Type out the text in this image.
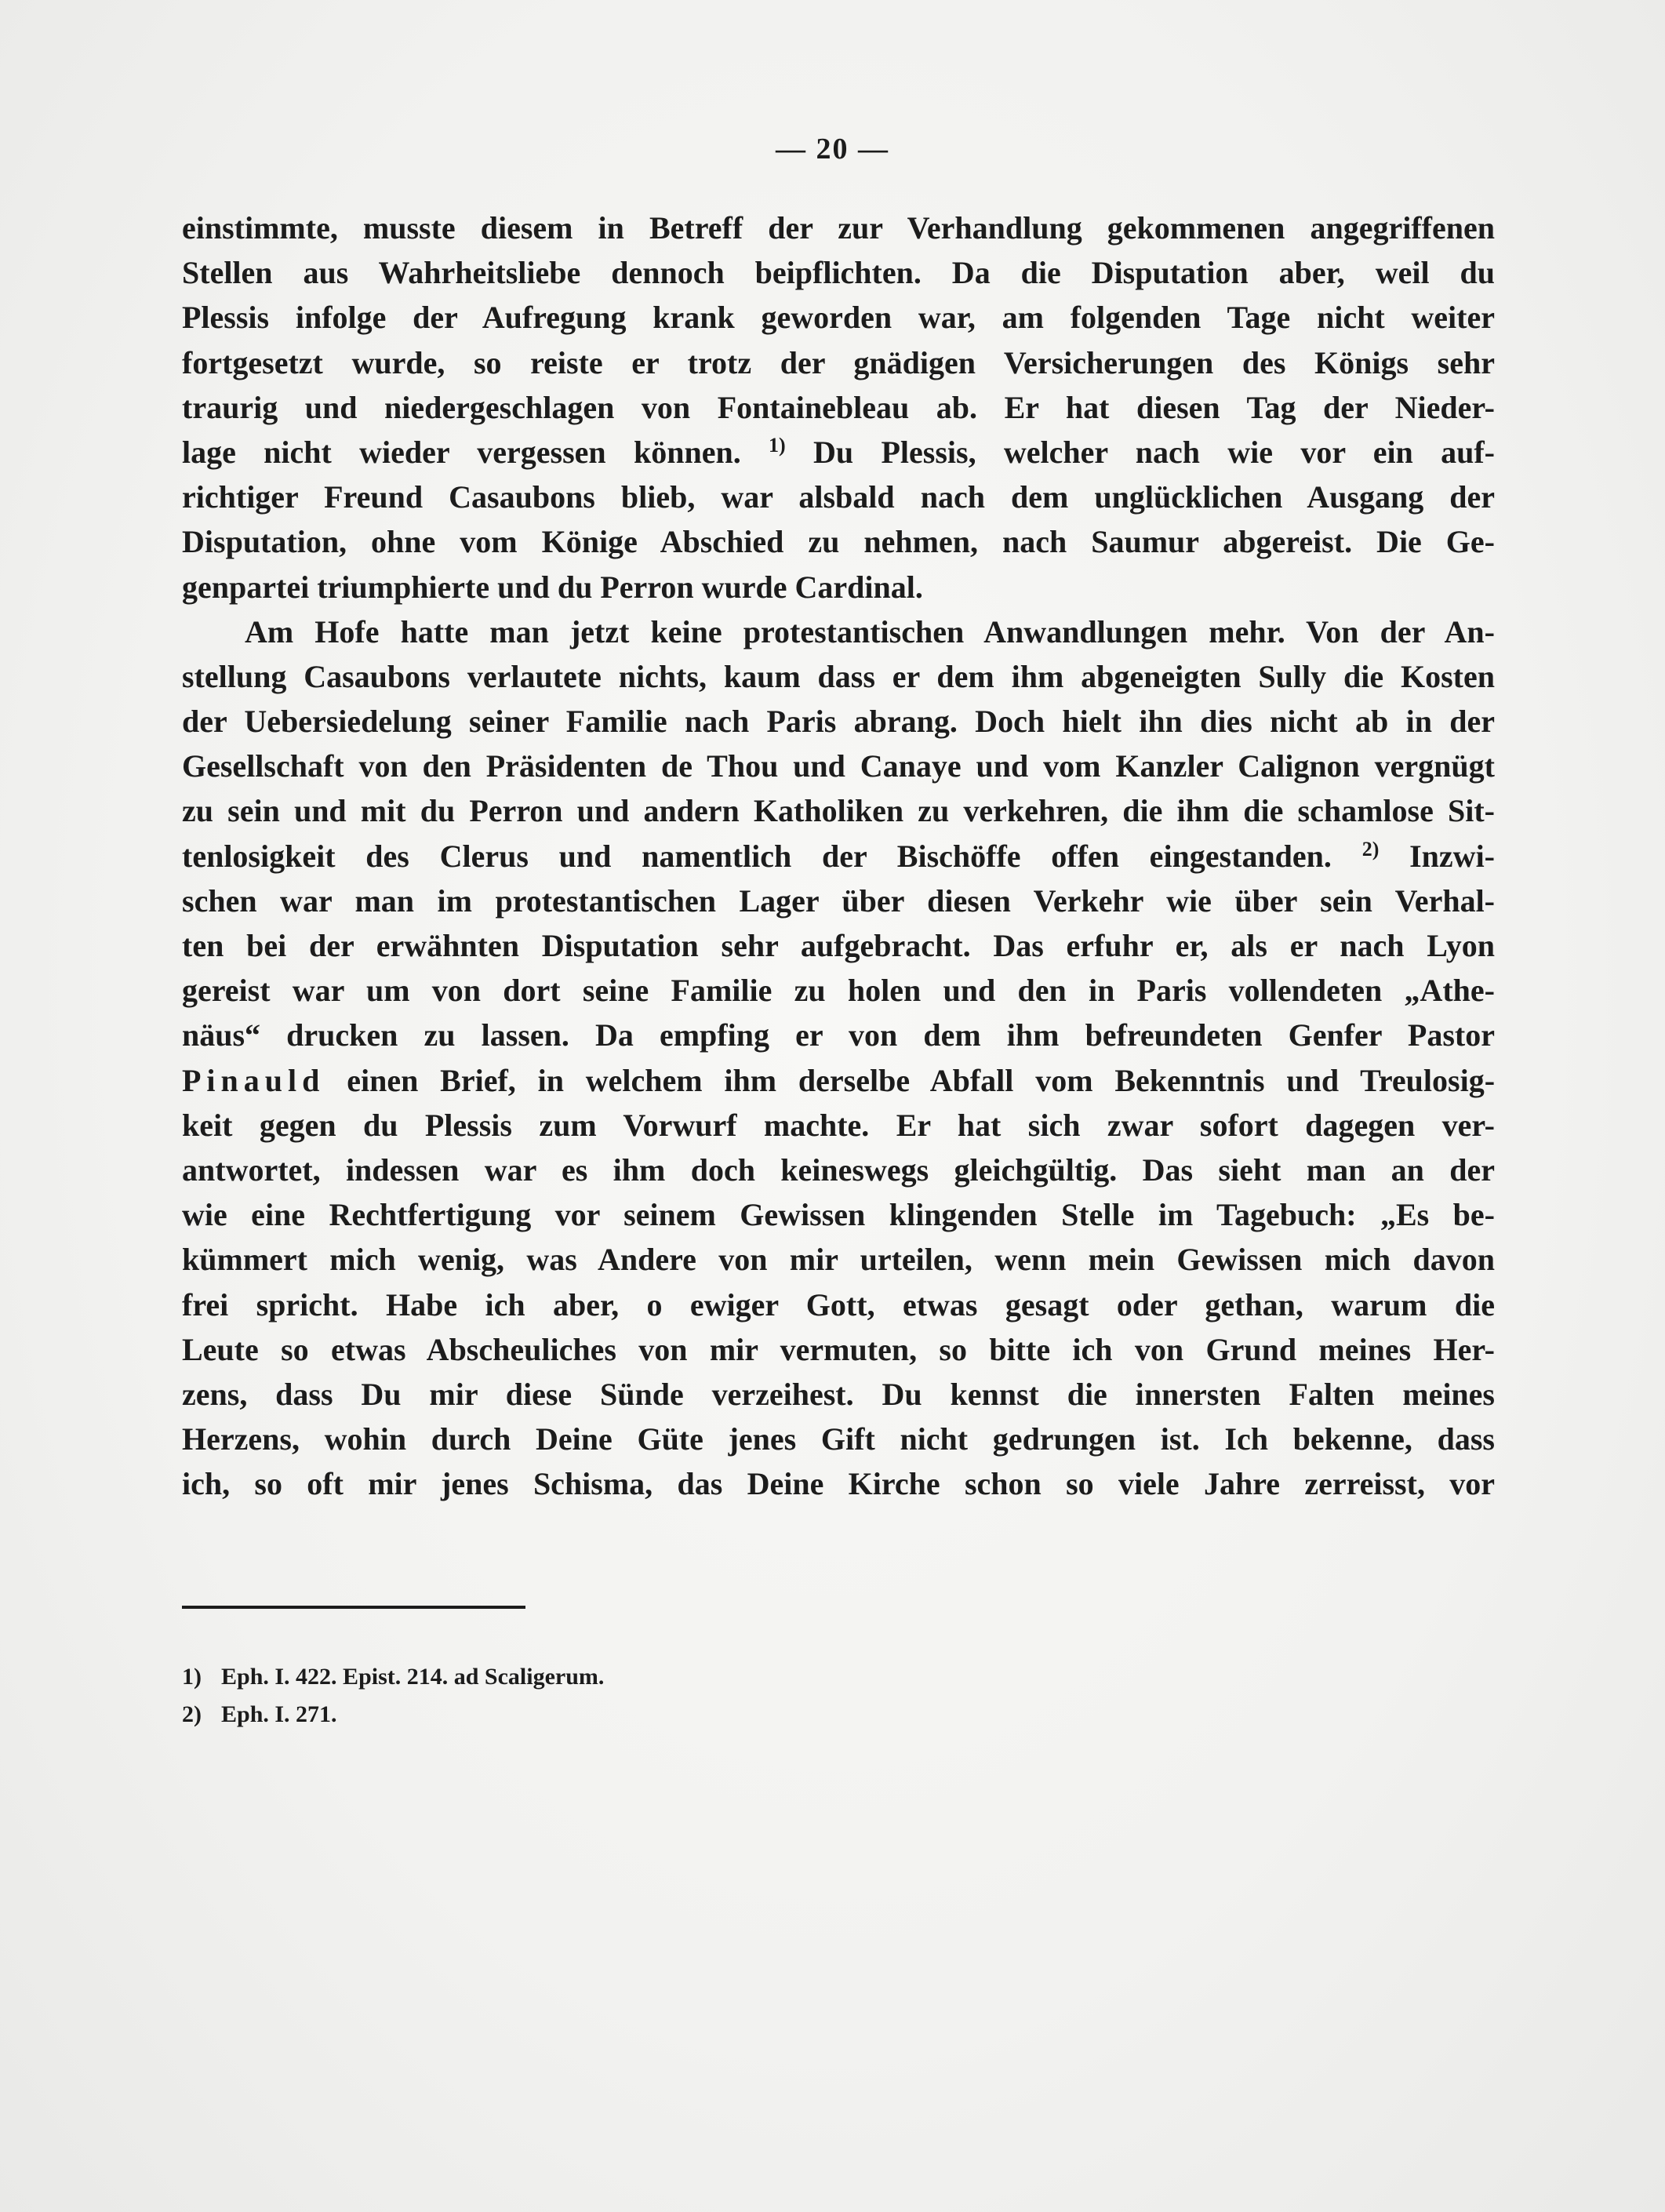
— 20 —
einstimmte, musste diesem in Betreff der zur Verhandlung gekommenen angegriffenen
Stellen aus Wahrheitsliebe dennoch beipflichten. Da die Disputation aber, weil du
Plessis infolge der Aufregung krank geworden war, am folgenden Tage nicht weiter
fortgesetzt wurde, so reiste er trotz der gnädigen Versicherungen des Königs sehr
traurig und niedergeschlagen von Fontainebleau ab. Er hat diesen Tag der Nieder-
lage nicht wieder vergessen können. $^{1)}$ Du Plessis, welcher nach wie vor ein auf-
richtiger Freund Casaubons blieb, war alsbald nach dem unglücklichen Ausgang der
Disputation, ohne vom Könige Abschied zu nehmen, nach Saumur abgereist. Die Ge-
genpartei triumphierte und du Perron wurde Cardinal.
Am Hofe hatte man jetzt keine protestantischen Anwandlungen mehr. Von der An-
stellung Casaubons verlautete nichts, kaum dass er dem ihm abgeneigten Sully die Kosten
der Uebersiedelung seiner Familie nach Paris abrang. Doch hielt ihn dies nicht ab in der
Gesellschaft von den Präsidenten de Thou und Canaye und vom Kanzler Calignon vergnügt
zu sein und mit du Perron und andern Katholiken zu verkehren, die ihm die schamlose Sit-
tenlosigkeit des Clerus und namentlich der Bischöffe offen eingestanden. $^{2)}$ Inzwi-
schen war man im protestantischen Lager über diesen Verkehr wie über sein Verhal-
ten bei der erwähnten Disputation sehr aufgebracht. Das erfuhr er, als er nach Lyon
gereist war um von dort seine Familie zu holen und den in Paris vollendeten „Athe-
näus“ drucken zu lassen. Da empfing er von dem ihm befreundeten Genfer Pastor
Pinauld einen Brief, in welchem ihm derselbe Abfall vom Bekenntnis und Treulosig-
keit gegen du Plessis zum Vorwurf machte. Er hat sich zwar sofort dagegen ver-
antwortet, indessen war es ihm doch keineswegs gleichgültig. Das sieht man an der
wie eine Rechtfertigung vor seinem Gewissen klingenden Stelle im Tagebuch: „Es be-
kümmert mich wenig, was Andere von mir urteilen, wenn mein Gewissen mich davon
frei spricht. Habe ich aber, o ewiger Gott, etwas gesagt oder gethan, warum die
Leute so etwas Abscheuliches von mir vermuten, so bitte ich von Grund meines Her-
zens, dass Du mir diese Sünde verzeihest. Du kennst die innersten Falten meines
Herzens, wohin durch Deine Güte jenes Gift nicht gedrungen ist. Ich bekenne, dass
ich, so oft mir jenes Schisma, das Deine Kirche schon so viele Jahre zerreisst, vor
1) Eph. I. 422. Epist. 214. ad Scaligerum.
2) Eph. I. 271.
